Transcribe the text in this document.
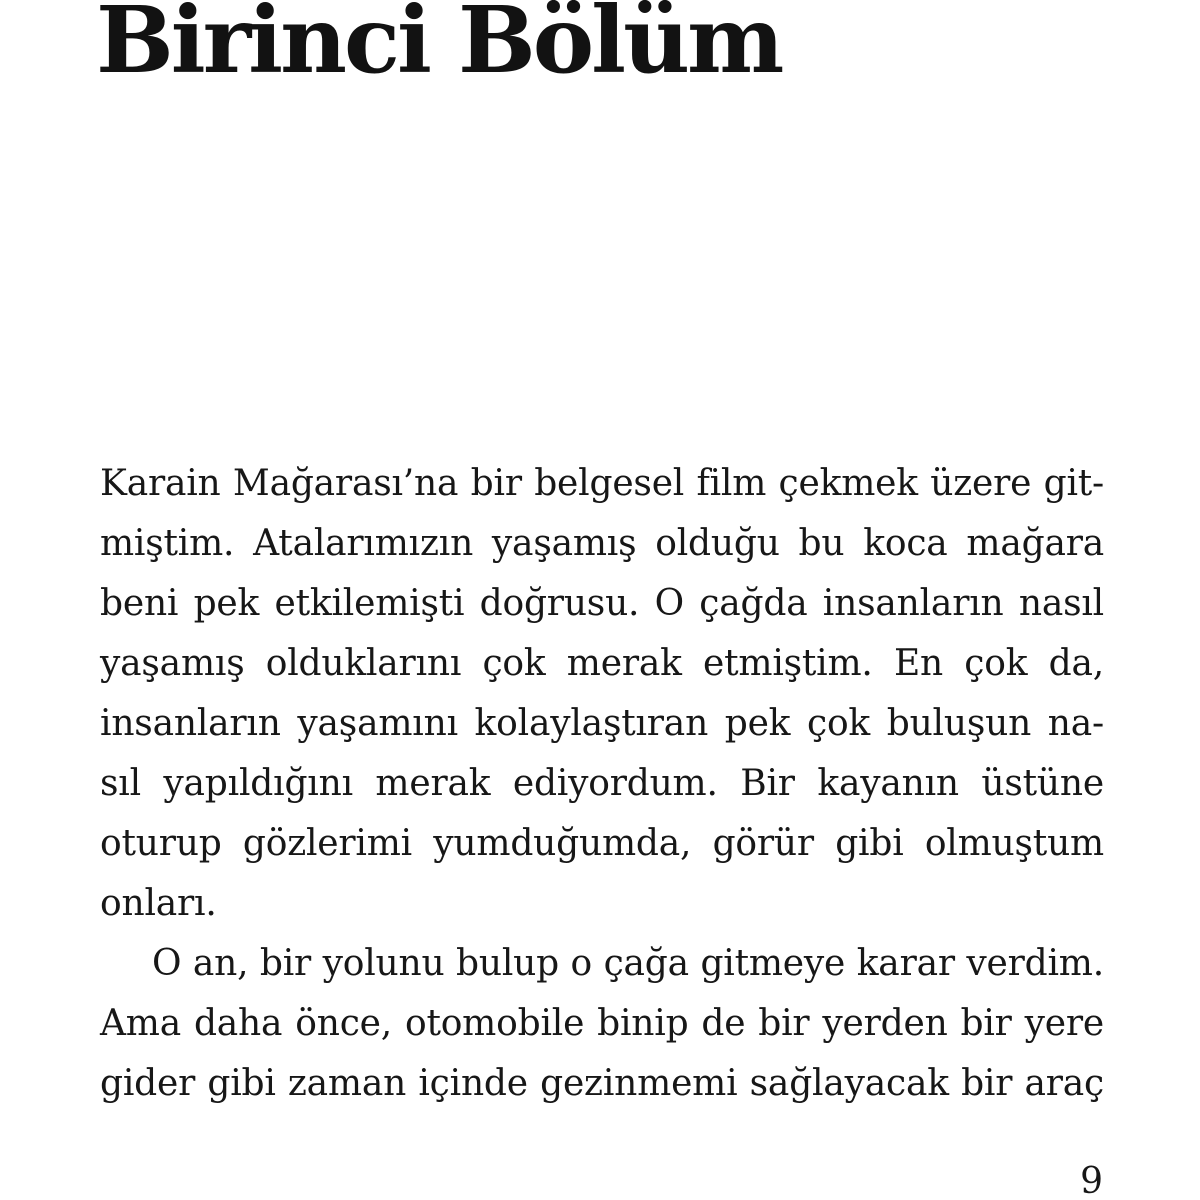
Birinci Bölüm
Karain Mağarası’na bir belgesel film çekmek üzere git-
miştim. Atalarımızın yaşamış olduğu bu koca mağara
beni pek etkilemişti doğrusu. O çağda insanların nasıl
yaşamış olduklarını çok merak etmiştim. En çok da,
insanların yaşamını kolaylaştıran pek çok buluşun na-
sıl yapıldığını merak ediyordum. Bir kayanın üstüne
oturup gözlerimi yumduğumda, görür gibi olmuştum
onları.
O an, bir yolunu bulup o çağa gitmeye karar verdim.
Ama daha önce, otomobile binip de bir yerden bir yere
gider gibi zaman içinde gezinmemi sağlayacak bir araç
9
